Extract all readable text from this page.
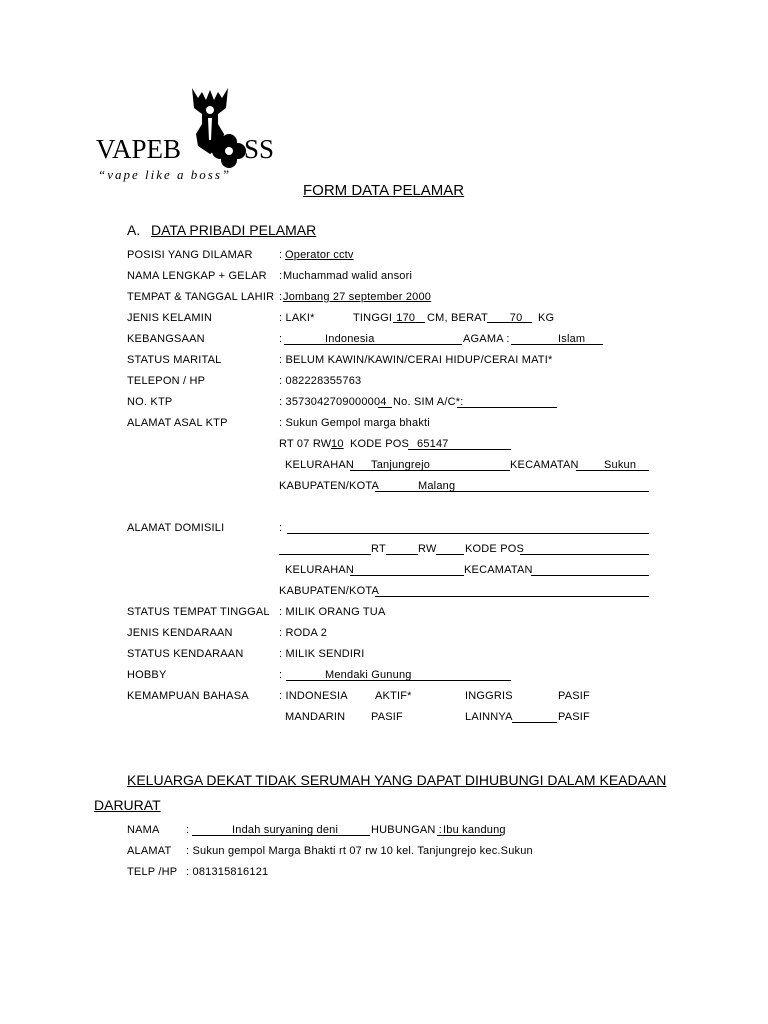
VAPEB SS
“vape like a boss”
FORM DATA PELAMAR
A. DATA PRIBADI PELAMAR
POSISI YANG DILAMAR : Operator cctv
NAMA LENGKAP + GELAR : Muchammad walid ansori
TEMPAT & TANGGAL LAHIR : Jombang 27 september 2000
JENIS KELAMIN	: LAKI*	TINGGI 170	CM, BERAT	70	KG
KEBANGSAAN	:	Indonesia	AGAMA :	Islam
STATUS MARITAL	: BELUM KAWIN/KAWIN/CERAI HIDUP/CERAI MATI*
TELEPON / HP	: 082228355763
NO. KTP	: 3573042709000004 No. SIM A/C*:
ALAMAT ASAL KTP	: Sukun Gempol marga bhakti
RT 07 RW 10 KODE POS 65147
KELURAHAN Tanjungrejo	KECAMATAN Sukun
KABUPATEN/KOTA	Malang
ALAMAT DOMISILI	:
RT	RW	KODE POS
KELURAHAN	KECAMATAN
KABUPATEN/KOTA
STATUS TEMPAT TINGGAL : MILIK ORANG TUA
JENIS KENDARAAN	: RODA 2
STATUS KENDARAAN	: MILIK SENDIRI
HOBBY	:	Mendaki Gunung
KEMAMPUAN BAHASA	: INDONESIA AKTIF*	INGGRIS	PASIF
MANDARIN PASIF	LAINNYA	PASIF
KELUARGA DEKAT TIDAK SERUMAH YANG DAPAT DIHUBUNGI DALAM KEADAAN
DARURAT
NAMA :	Indah suryaning deni	HUBUNGAN : Ibu kandung
ALAMAT : Sukun gempol Marga Bhakti rt 07 rw 10 kel. Tanjungrejo kec.Sukun
TELP /HP : 081315816121
